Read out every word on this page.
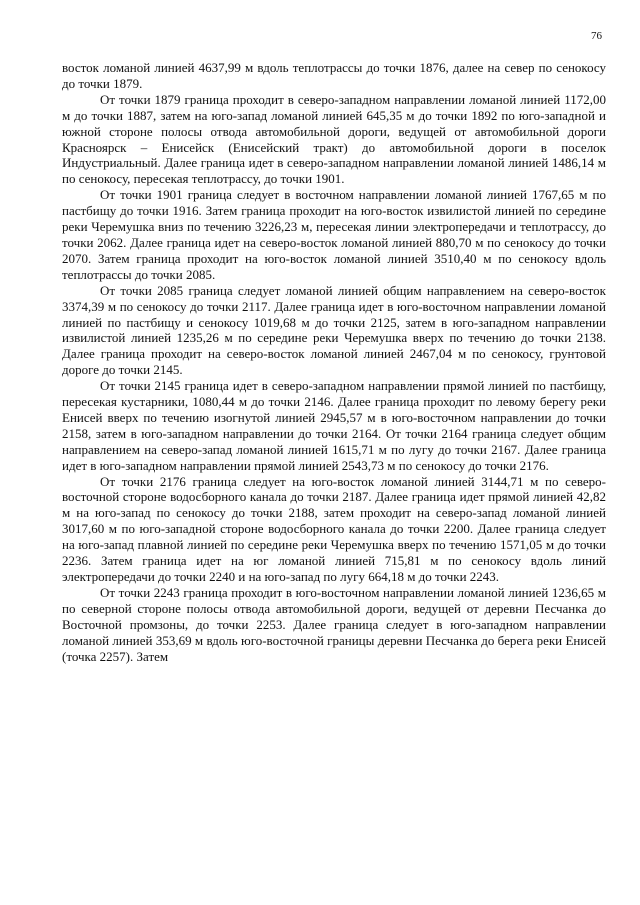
76

восток ломаной линией 4637,99 м вдоль теплотрассы до точки 1876, далее на север по сенокосу до точки 1879.

От точки 1879 граница проходит в северо-западном направлении ломаной линией 1172,00 м до точки 1887, затем на юго-запад ломаной линией 645,35 м до точки 1892 по юго-западной и южной стороне полосы отвода автомобильной дороги, ведущей от автомобильной дороги Красноярск – Енисейск (Енисейский тракт) до автомобильной дороги в поселок Индустриальный. Далее граница идет в северо-западном направлении ломаной линией 1486,14 м по сенокосу, пересекая теплотрассу, до точки 1901.

От точки 1901 граница следует в восточном направлении ломаной линией 1767,65 м по пастбищу до точки 1916. Затем граница проходит на юго-восток извилистой линией по середине реки Черемушка вниз по течению 3226,23 м, пересекая линии электропередачи и теплотрассу, до точки 2062. Далее граница идет на северо-восток ломаной линией 880,70 м по сенокосу до точки 2070. Затем граница проходит на юго-восток ломаной линией 3510,40 м по сенокосу вдоль теплотрассы до точки 2085.

От точки 2085 граница следует ломаной линией общим направлением на северо-восток 3374,39 м по сенокосу до точки 2117. Далее граница идет в юго-восточном направлении ломаной линией по пастбищу и сенокосу 1019,68 м до точки 2125, затем в юго-западном направлении извилистой линией 1235,26 м по середине реки Черемушка вверх по течению до точки 2138. Далее граница проходит на северо-восток ломаной линией 2467,04 м по сенокосу, грунтовой дороге до точки 2145.

От точки 2145 граница идет в северо-западном направлении прямой линией по пастбищу, пересекая кустарники, 1080,44 м до точки 2146. Далее граница проходит по левому берегу реки Енисей вверх по течению изогнутой линией 2945,57 м в юго-восточном направлении до точки 2158, затем в юго-западном направлении до точки 2164. От точки 2164 граница следует общим направлением на северо-запад ломаной линией 1615,71 м по лугу до точки 2167. Далее граница идет в юго-западном направлении прямой линией 2543,73 м по сенокосу до точки 2176.

От точки 2176 граница следует на юго-восток ломаной линией 3144,71 м по северо-восточной стороне водосборного канала до точки 2187. Далее граница идет прямой линией 42,82 м на юго-запад по сенокосу до точки 2188, затем проходит на северо-запад ломаной линией 3017,60 м по юго-западной стороне водосборного канала до точки 2200. Далее граница следует на юго-запад плавной линией по середине реки Черемушка вверх по течению 1571,05 м до точки 2236. Затем граница идет на юг ломаной линией 715,81 м по сенокосу вдоль линий электропередачи до точки 2240 и на юго-запад по лугу 664,18 м до точки 2243.

От точки 2243 граница проходит в юго-восточном направлении ломаной линией 1236,65 м по северной стороне полосы отвода автомобильной дороги, ведущей от деревни Песчанка до Восточной промзоны, до точки 2253. Далее граница следует в юго-западном направлении ломаной линией 353,69 м вдоль юго-восточной границы деревни Песчанка до берега реки Енисей (точка 2257). Затем
